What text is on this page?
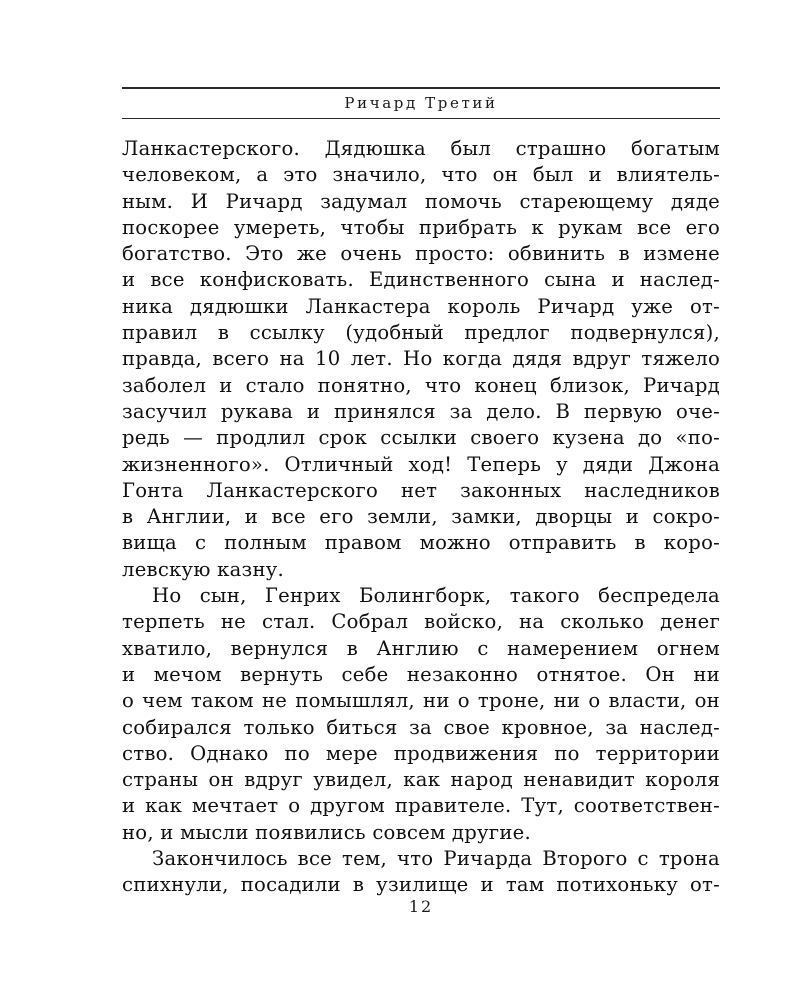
Ричард Третий
Ланкастерского. Дядюшка был страшно богатым
человеком, а это значило, что он был и влиятель-
ным. И Ричард задумал помочь стареющему дяде
поскорее умереть, чтобы прибрать к рукам все его
богатство. Это же очень просто: обвинить в измене
и все конфисковать. Единственного сына и наслед-
ника дядюшки Ланкастера король Ричард уже от-
правил в ссылку (удобный предлог подвернулся),
правда, всего на 10 лет. Но когда дядя вдруг тяжело
заболел и стало понятно, что конец близок, Ричард
засучил рукава и принялся за дело. В первую оче-
редь — продлил срок ссылки своего кузена до «по-
жизненного». Отличный ход! Теперь у дяди Джона
Гонта Ланкастерского нет законных наследников
в Англии, и все его земли, замки, дворцы и сокро-
вища с полным правом можно отправить в коро-
левскую казну.
Но сын, Генрих Болингборк, такого беспредела
терпеть не стал. Собрал войско, на сколько денег
хватило, вернулся в Англию с намерением огнем
и мечом вернуть себе незаконно отнятое. Он ни
о чем таком не помышлял, ни о троне, ни о власти, он
собирался только биться за свое кровное, за наслед-
ство. Однако по мере продвижения по территории
страны он вдруг увидел, как народ ненавидит короля
и как мечтает о другом правителе. Тут, соответствен-
но, и мысли появились совсем другие.
Закончилось все тем, что Ричарда Второго с трона
спихнули, посадили в узилище и там потихоньку от-
12
